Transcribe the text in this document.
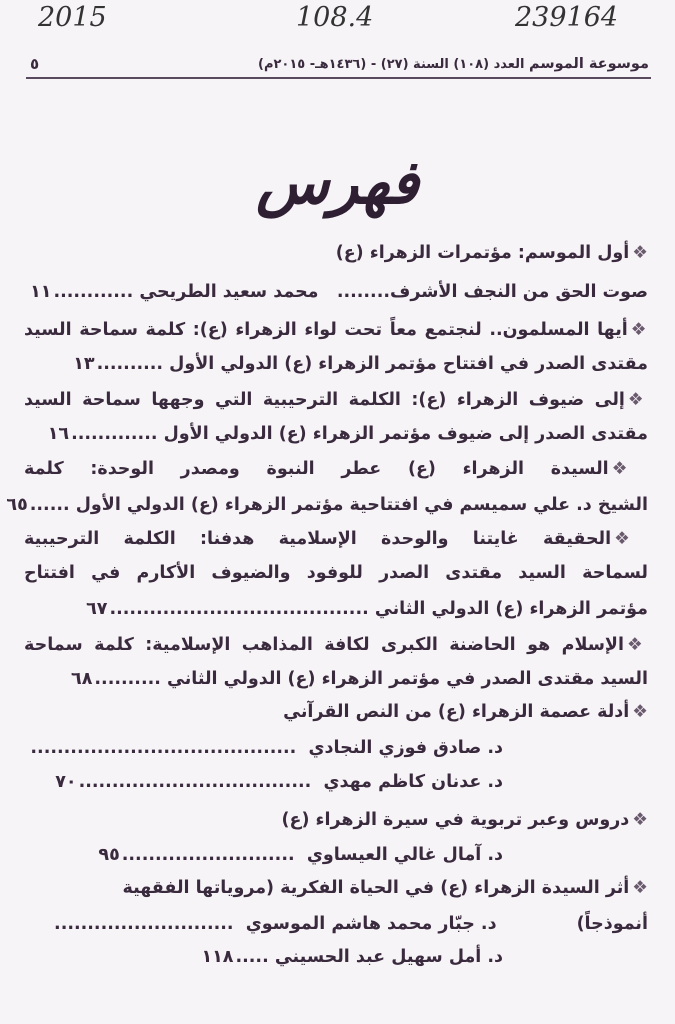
2015	108.4	239164
٥	موسوعة الموسم العدد (١٠٨) السنة (٢٧) - (١٤٣٦هـ- ٢٠١٥م)
فهرس
❖أول الموسم: مؤتمرات الزهراء (ع)
صوت الحق من النجف الأشرف........   محمد سعيد الطريحي ............١١
❖أيها المسلمون.. لنجتمع معاً تحت لواء الزهراء (ع): كلمة سماحة السيد
مقتدى الصدر في افتتاح مؤتمر الزهراء (ع) الدولي الأول ..........١٣
❖إلى ضيوف الزهراء (ع): الكلمة الترحيبية التي وجهها سماحة السيد
مقتدى الصدر إلى ضيوف مؤتمر الزهراء (ع) الدولي الأول .............١٦
❖السيدة الزهراء (ع) عطر النبوة ومصدر الوحدة: كلمة
الشيخ د. علي سميسم في افتتاحية مؤتمر الزهراء (ع) الدولي الأول ......٦٥
❖الحقيقة غايتنا والوحدة الإسلامية هدفنا: الكلمة الترحيبية
لسماحة السيد مقتدى الصدر للوفود والضيوف الأكارم في افتتاح
مؤتمر الزهراء (ع) الدولي الثاني .......................................٦٧
❖الإسلام هو الحاضنة الكبرى لكافة المذاهب الإسلامية: كلمة سماحة
السيد مقتدى الصدر في مؤتمر الزهراء (ع) الدولي الثاني ..........٦٨
❖أدلة عصمة الزهراء (ع) من النص القرآني
د. صادق فوزي النجادي  ........................................
د. عدنان كاظم مهدي  ...................................٧٠
❖دروس وعبر تربوية في سيرة الزهراء (ع)
د. آمال غالي العيساوي  ..........................٩٥
❖أثر السيدة الزهراء (ع) في الحياة الفكرية (مروياتها الفقهية
أنموذجاً)د. جبّار محمد هاشم الموسوي  ...........................
د. أمل سهيل عبد الحسيني .....١١٨
